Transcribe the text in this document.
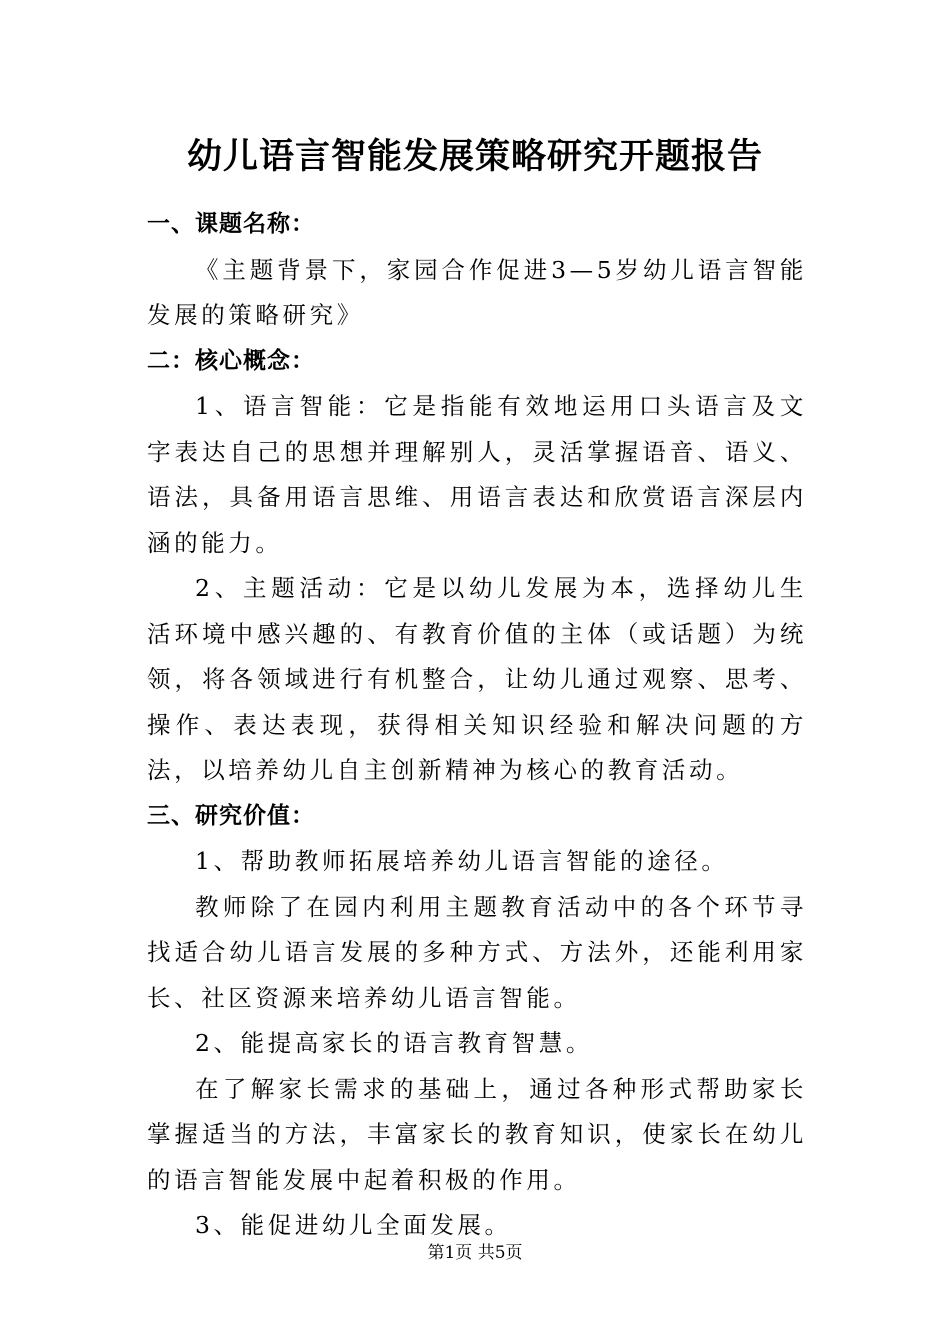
幼儿语言智能发展策略研究开题报告

一、课题名称：

《主题背景下，家园合作促进3—5岁幼儿语言智能发展的策略研究》

二：核心概念：

1、语言智能：它是指能有效地运用口头语言及文字表达自己的思想并理解别人，灵活掌握语音、语义、语法，具备用语言思维、用语言表达和欣赏语言深层内涵的能力。

2、主题活动：它是以幼儿发展为本，选择幼儿生活环境中感兴趣的、有教育价值的主体（或话题）为统领，将各领域进行有机整合，让幼儿通过观察、思考、操作、表达表现，获得相关知识经验和解决问题的方法，以培养幼儿自主创新精神为核心的教育活动。

三、研究价值：

1、帮助教师拓展培养幼儿语言智能的途径。

教师除了在园内利用主题教育活动中的各个环节寻找适合幼儿语言发展的多种方式、方法外，还能利用家长、社区资源来培养幼儿语言智能。

2、能提高家长的语言教育智慧。

在了解家长需求的基础上，通过各种形式帮助家长掌握适当的方法，丰富家长的教育知识，使家长在幼儿的语言智能发展中起着积极的作用。

3、能促进幼儿全面发展。

第1页 共5页
